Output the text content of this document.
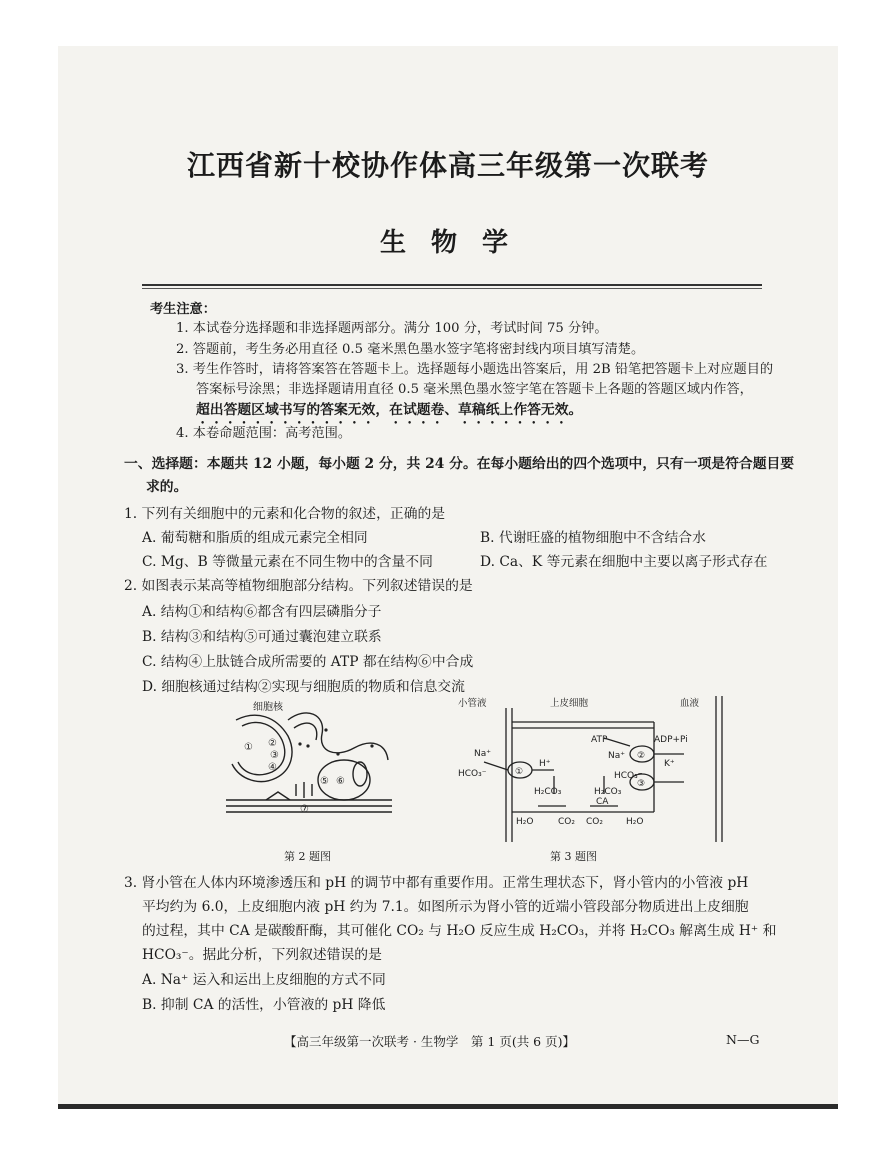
江西省新十校协作体高三年级第一次联考
生 物 学
考生注意：
1. 本试卷分选择题和非选择题两部分。满分 100 分，考试时间 75 分钟。
2. 答题前，考生务必用直径 0.5 毫米黑色墨水签字笔将密封线内项目填写清楚。
3. 考生作答时，请将答案答在答题卡上。选择题每小题选出答案后，用 2B 铅笔把答题卡上对应题目的
答案标号涂黑；非选择题请用直径 0.5 毫米黑色墨水签字笔在答题卡上各题的答题区域内作答，
超出答题区域书写的答案无效，在试题卷、草稿纸上作答无效。
4. 本卷命题范围：高考范围。
一、选择题：本题共 12 小题，每小题 2 分，共 24 分。在每小题给出的四个选项中，只有一项是符合题目要
求的。
1. 下列有关细胞中的元素和化合物的叙述，正确的是
A. 葡萄糖和脂质的组成元素完全相同	B. 代谢旺盛的植物细胞中不含结合水
C. Mg、B 等微量元素在不同生物中的含量不同	D. Ca、K 等元素在细胞中主要以离子形式存在
2. 如图表示某高等植物细胞部分结构。下列叙述错误的是
A. 结构①和结构⑥都含有四层磷脂分子
B. 结构③和结构⑤可通过囊泡建立联系
C. 结构④上肽链合成所需要的 ATP 都在结构⑥中合成
D. 细胞核通过结构②实现与细胞质的物质和信息交流
细胞核
① ②
③
④
⑤ ⑥
⑦
第 2 题图
小管液	上皮细胞	血液
ATP	ADP+Pi
Na⁺
H⁺
HCO₃⁻
H₂CO₃
H₂O	CO₂
H₂CO₃
CA
H₂O
CO₂
Na⁺
K⁺
HCO₃⁻
①
②
③
第 3 题图
3. 肾小管在人体内环境渗透压和 pH 的调节中都有重要作用。正常生理状态下，肾小管内的小管液 pH
平均约为 6.0，上皮细胞内液 pH 约为 7.1。如图所示为肾小管的近端小管段部分物质进出上皮细胞
的过程，其中 CA 是碳酸酐酶，其可催化 CO₂ 与 H₂O 反应生成 H₂CO₃，并将 H₂CO₃ 解离生成 H⁺ 和
HCO₃⁻。据此分析，下列叙述错误的是
A. Na⁺ 运入和运出上皮细胞的方式不同
B. 抑制 CA 的活性，小管液的 pH 降低
【高三年级第一次联考 · 生物学　第 1 页(共 6 页)】	N—G
